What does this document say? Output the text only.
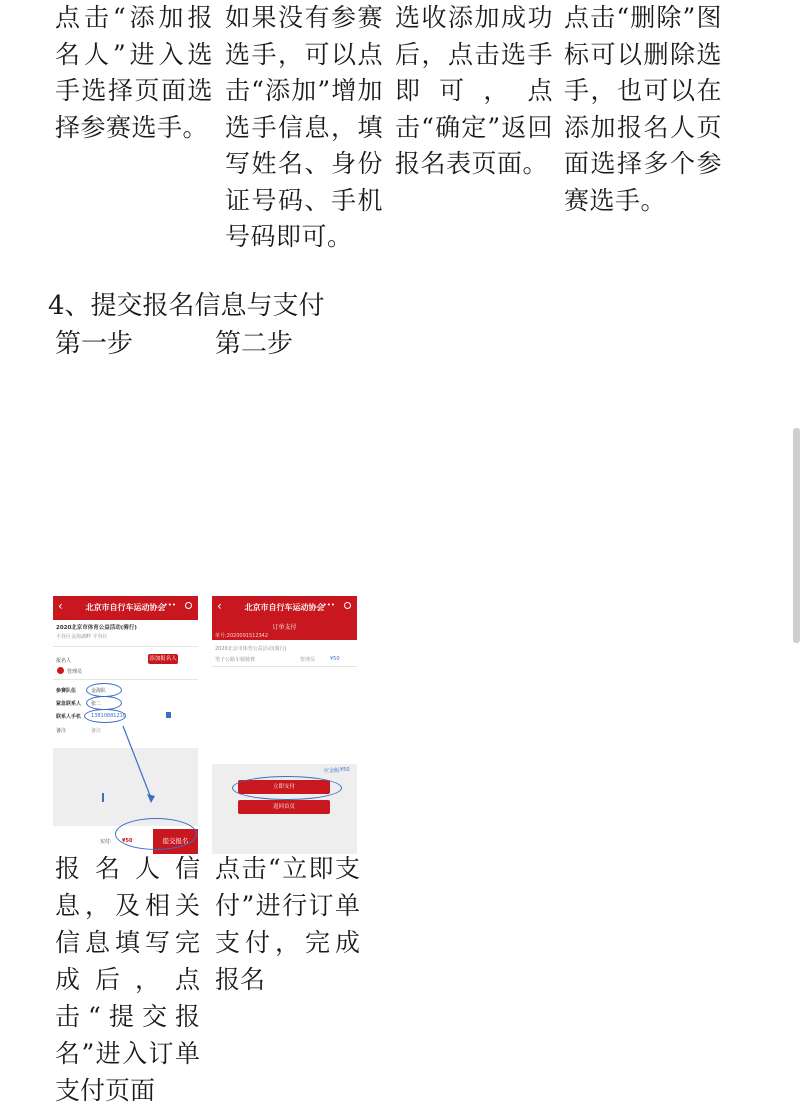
点击“添加报名人”进入选手选择页面选择参赛选手。
如果没有参赛选手，可以点击“添加”增加选手信息，填写姓名、身份证号码、手机号码即可。
选收添加成功后，点击选手即可，点击“确定”返回报名表页面。
点击“删除”图标可以删除选手，也可以在添加报名人页面选择多个参赛选手。
4、提交报名信息与支付
第一步	第二步
‹	北京市自行车运动协会
•••
2020北京市体育公益活动(骑行)
平谷区金海湖畔 平谷区
报名人	添加报名人
管理员
参赛队伍	金海队
紧急联系人 张二
联系人手机 13810881210
备注	备注
实付: ¥50	提交报名
‹	北京市自行车运动协会
•••
订单支付
单号:2020091512342
2020北京市体育公益活动(骑行)
男子公路车骑骑赛	管理员	¥50
应金额: ¥50
立即支付
返回首页
报名人信息，及相关信息填写完成后，点击“提交报名”进入订单支付页面
点击“立即支付”进行订单支付，完成报名
